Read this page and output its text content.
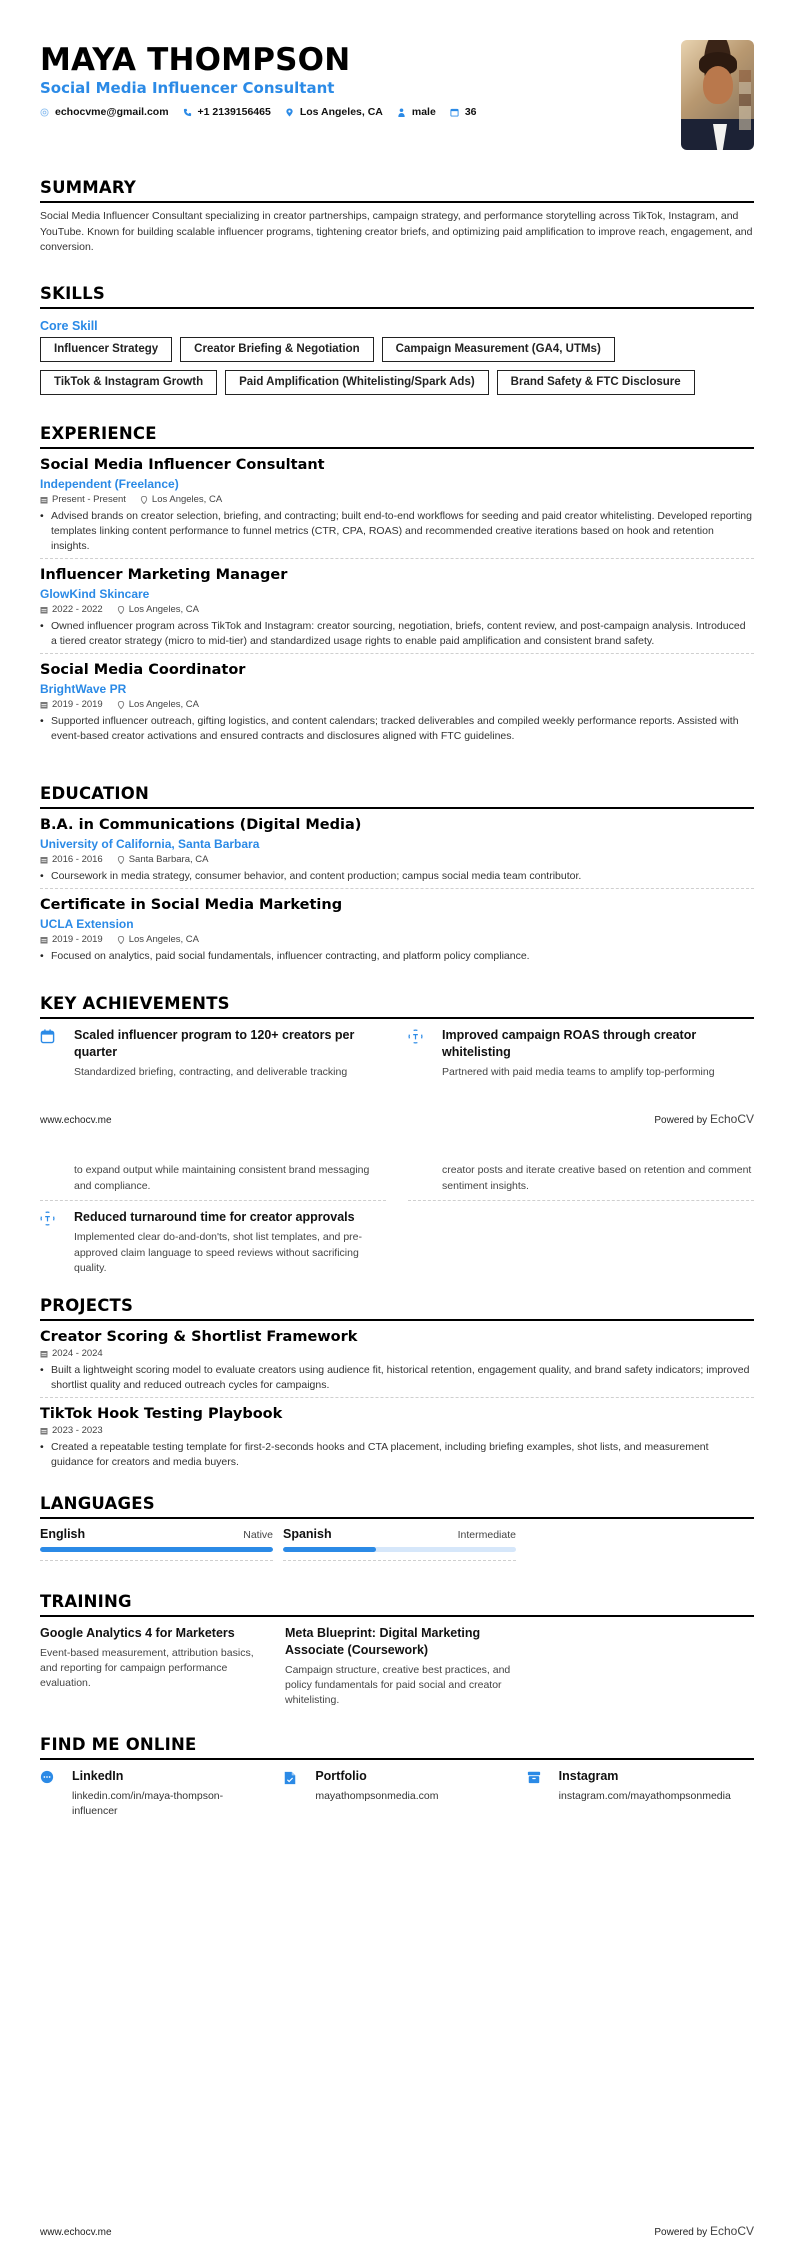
MAYA THOMPSON
Social Media Influencer Consultant
echocvme@gmail.com	+1 2139156465	Los Angeles, CA	male	36
SUMMARY
Social Media Influencer Consultant specializing in creator partnerships, campaign strategy, and performance storytelling across TikTok, Instagram, and YouTube. Known for building scalable influencer programs, tightening creator briefs, and optimizing paid amplification to improve reach, engagement, and conversion.
SKILLS
Core Skill
Influencer Strategy	Creator Briefing & Negotiation	Campaign Measurement (GA4, UTMs)
TikTok & Instagram Growth	Paid Amplification (Whitelisting/Spark Ads)	Brand Safety & FTC Disclosure
EXPERIENCE
Social Media Influencer Consultant
Independent (Freelance)
Present - Present	Los Angeles, CA
• Advised brands on creator selection, briefing, and contracting; built end-to-end workflows for seeding and paid creator whitelisting. Developed reporting templates linking content performance to funnel metrics (CTR, CPA, ROAS) and recommended creative iterations based on hook and retention insights.
Influencer Marketing Manager
GlowKind Skincare
2022 - 2022	Los Angeles, CA
• Owned influencer program across TikTok and Instagram: creator sourcing, negotiation, briefs, content review, and post-campaign analysis. Introduced a tiered creator strategy (micro to mid-tier) and standardized usage rights to enable paid amplification and consistent brand safety.
Social Media Coordinator
BrightWave PR
2019 - 2019	Los Angeles, CA
• Supported influencer outreach, gifting logistics, and content calendars; tracked deliverables and compiled weekly performance reports. Assisted with event-based creator activations and ensured contracts and disclosures aligned with FTC guidelines.
EDUCATION
B.A. in Communications (Digital Media)
University of California, Santa Barbara
2016 - 2016	Santa Barbara, CA
• Coursework in media strategy, consumer behavior, and content production; campus social media team contributor.
Certificate in Social Media Marketing
UCLA Extension
2019 - 2019	Los Angeles, CA
• Focused on analytics, paid social fundamentals, influencer contracting, and platform policy compliance.
KEY ACHIEVEMENTS
Scaled influencer program to 120+ creators per quarter
Standardized briefing, contracting, and deliverable tracking
Improved campaign ROAS through creator whitelisting
Partnered with paid media teams to amplify top-performing
www.echocv.me	Powered by EchoCV
to expand output while maintaining consistent brand messaging and compliance.
creator posts and iterate creative based on retention and comment sentiment insights.
Reduced turnaround time for creator approvals
Implemented clear do-and-don'ts, shot list templates, and pre-approved claim language to speed reviews without sacrificing quality.
PROJECTS
Creator Scoring & Shortlist Framework
2024 - 2024
• Built a lightweight scoring model to evaluate creators using audience fit, historical retention, engagement quality, and brand safety indicators; improved shortlist quality and reduced outreach cycles for campaigns.
TikTok Hook Testing Playbook
2023 - 2023
• Created a repeatable testing template for first-2-seconds hooks and CTA placement, including briefing examples, shot lists, and measurement guidance for creators and media buyers.
LANGUAGES
English	Native Spanish	Intermediate
TRAINING
Google Analytics 4 for Marketers
Event-based measurement, attribution basics, and reporting for campaign performance evaluation.
Meta Blueprint: Digital Marketing Associate (Coursework)
Campaign structure, creative best practices, and policy fundamentals for paid social and creator whitelisting.
FIND ME ONLINE
LinkedIn
linkedin.com/in/maya-thompson-influencer
Portfolio
mayathompsonmedia.com
Instagram
instagram.com/mayathompsonmedia
www.echocv.me	Powered by EchoCV
